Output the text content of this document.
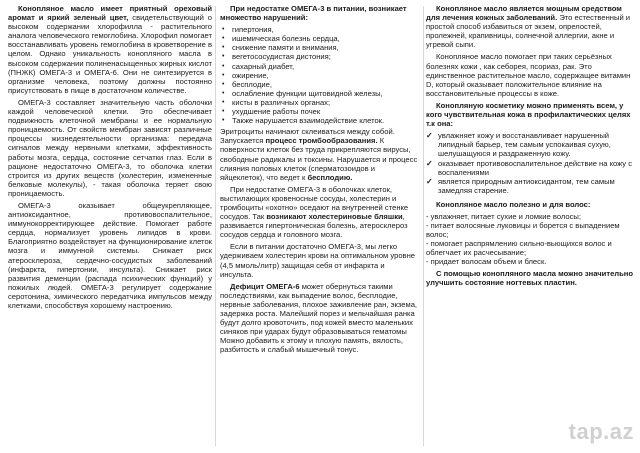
Конопляное масло имеет приятный ореховый аромат и яркий зеленый цвет, свидетельствующий о высоком содержании хлорофилла - растительного аналога человеческого гемоглобина. Хлорофил помогает восстанавливать уровень гемоглобина в кроветворение в целом. Однако уникальность конопляного масла в высоком содержании полиненасыщенных жирных кислот (ПНЖК) ОМЕГА-3 и ОМЕГА-6. Они не синтезируется в организме человека, поэтому должны постоянно присутствовать в пище в достаточном количестве.

ОМЕГА-3 составляет значительную часть оболочки каждой человеческой клетки. Это обеспечивает подвижность клеточной мембраны и ее нормальную проницаемость. От свойств мембран зависят различные процессы жизнедеятельности организма: передача сигналов между нервными клетками, эффективность работы мозга, сердца, состояние сетчатки глаз. Если в рационе недостаточно ОМЕГА-3, то оболочка клетки строится из других веществ (холестерин, измененные белковые молекулы), - такая оболочка теряет свою проницаемость.

ОМЕГА-3 оказывает общеукрепляющее, антиоксидантное, противовоспалительное, иммунокорректирующее действие. Помогает работе сердца, нормализует уровень липидов в крови. Благоприятно воздействует на функционирование клеток мозга и иммунной системы. Снижает риск атеросклероза, сердечно-сосудистых заболеваний (инфаркта, гипертонии, инсульта). Снижает риск развития деменции (распада психических функций) у пожилых людей. ОМЕГА-3 регулирует содержание серотонина, химического передатчика импульсов между клетками, способствуя хорошему настроению.

При недостатке ОМЕГА-3 в питании, возникает множество нарушений:

• гипертония,
• ишемическая болезнь сердца,
• снижение памяти и внимания,
• вегетососудистая дистония;
• сахарный диабет,
• ожирение,
• бесплодие,
• ослабление функции щитовидной железы,
• кисты в различных органах;
• ухудшение работы почек
• Также нарушается взаимодействие клеток.

Эритроциты начинают склеиваться между собой. Запускается процесс тромбообразования. К поверхности клеток без труда прикрепляются вирусы, свободные радикалы и токсины. Нарушается и процесс слияния половых клеток (сперматозоидов и яйцеклеток), что ведет к бесплодию.

При недостатке ОМЕГА-3 в оболочках клеток, выстилающих кровеносные сосуды, холестерин и тромбоциты «охотно» оседают на внутренней стенке сосудов. Так возникают холестериновые бляшки, развивается гипертоническая болезнь, атеросклероз сосудов сердца и головного мозга.

Если в питании достаточно ОМЕГА-3, мы легко удерживаем холестерин крови на оптимальном уровне (4,5 ммоль/литр) защищая себя от инфаркта и инсульта.

Дефицит ОМЕГА-6 может обернуться такими последствиями, как выпадение волос, бесплодие, нервные заболевания, плохое заживление ран, экзема, задержка роста. Малейший порез и мельчайшая ранка будут долго кровоточить, под кожей вместо маленьких синяков при ударах будут образовываться гематомы Можно добавить к этому и плохую память, вялость, разбитость и слабый мышечный тонус.

Конопляное масло является мощным средством для лечения кожных заболеваний. Это естественный и простой способ избавиться от экзем, опрелостей, пролежней, крапивницы, солнечной аллергии, акне и угревой сыпи.

Конопляное масло помогает при таких серьёзных болезнях кожи , как себорея, псориаз, рак. Это единственное растительное масло, содержащее витамин D, который оказывает положительное влияние на восстановительные процессы в коже.

Конопляную косметику можно применять всем, у кого чувствительная кожа в профилактических целях т.к она:

✓ увлажняет кожу и восстанавливает нарушенный липидный барьер, тем самым успокаивая сухую, шелушащуюся и раздраженную кожу.
✓ оказывает противовоспалительное действие на кожу с воспалениями
✓ является природным антиоксидантом, тем самым замедляя старение.

Конопляное масло полезно и для волос:

- увлажняет, питает сухие и ломкие волосы;

- питает волосяные луковицы и борется с выпадением волос;

- помогает распрямлению сильно-вьющихся волос и облегчает их расчесывание;

- придает волосам объем и блеск.

С помощью конопляного масла можно значительно улучшить состояние ногтевых пластин.

tap.az
